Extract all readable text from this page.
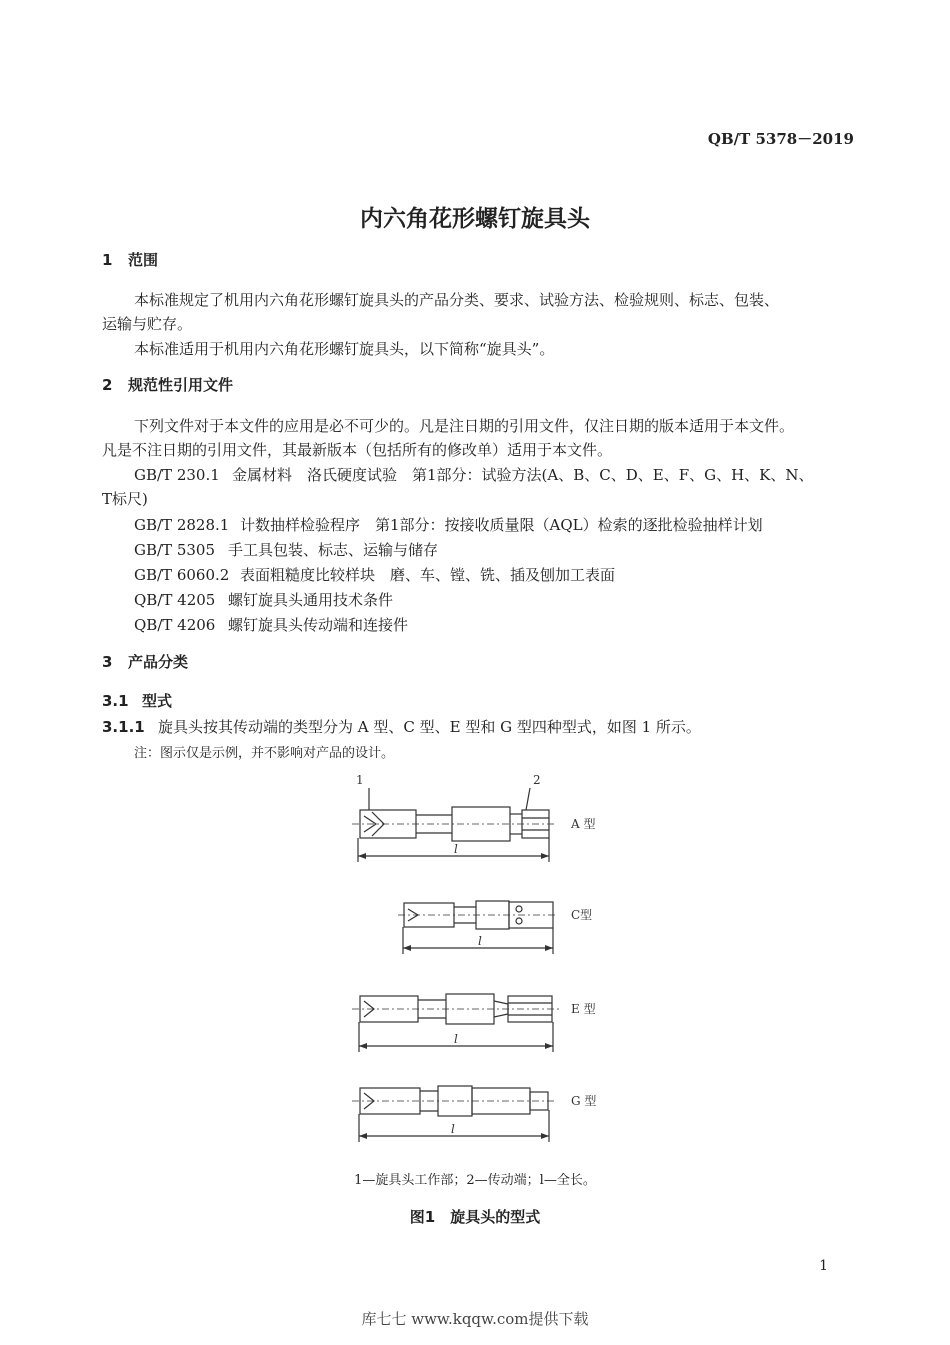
QB/T 5378－2019
内六角花形螺钉旋具头
1 范围
本标准规定了机用内六角花形螺钉旋具头的产品分类、要求、试验方法、检验规则、标志、包装、
运输与贮存。
本标准适用于机用内六角花形螺钉旋具头，以下简称“旋具头”。
2 规范性引用文件
下列文件对于本文件的应用是必不可少的。凡是注日期的引用文件，仅注日期的版本适用于本文件。
凡是不注日期的引用文件，其最新版本（包括所有的修改单）适用于本文件。
GB/T 230.1 金属材料　洛氏硬度试验　第1部分：试验方法(A、B、C、D、E、F、G、H、K、N、
T标尺)
GB/T 2828.1 计数抽样检验程序　第1部分：按接收质量限（AQL）检索的逐批检验抽样计划
GB/T 5305 手工具包装、标志、运输与储存
GB/T 6060.2 表面粗糙度比较样块　磨、车、镗、铣、插及刨加工表面
QB/T 4205 螺钉旋具头通用技术条件
QB/T 4206 螺钉旋具头传动端和连接件
3 产品分类
3.1 型式
3.1.1 旋具头按其传动端的类型分为 A 型、C 型、E 型和 G 型四种型式，如图 1 所示。
注：图示仅是示例，并不影响对产品的设计。
1	2
l
l
l
l
A 型
C型
E 型
G 型
1—旋具头工作部；2—传动端；l—全长。
图1　旋具头的型式
1
库七七 www.kqqw.com提供下载
